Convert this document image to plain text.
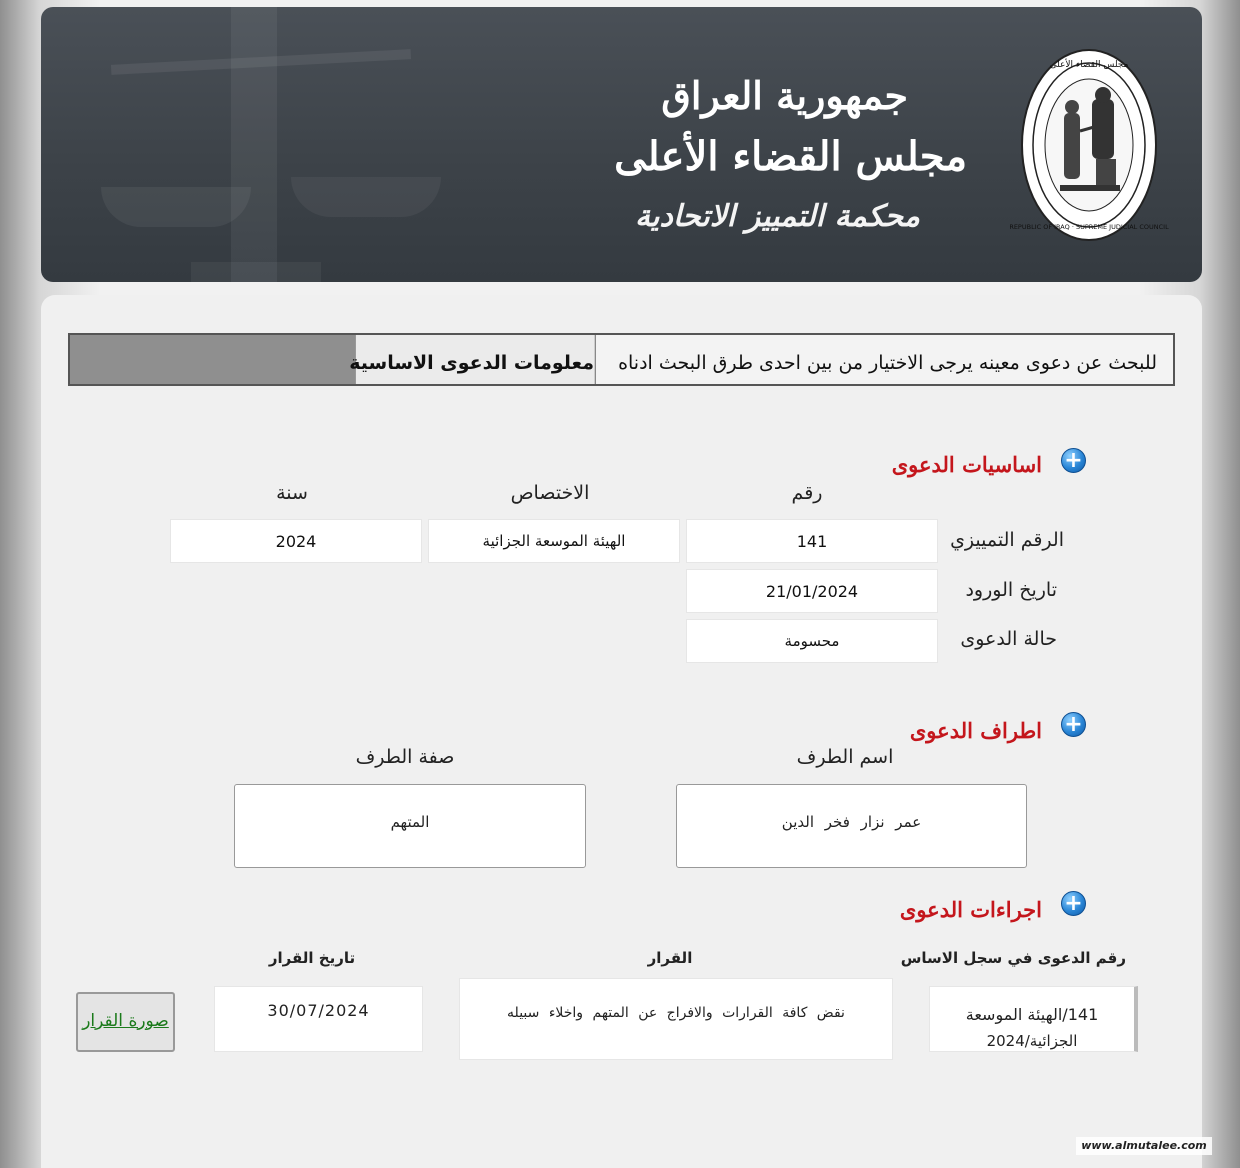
جمهورية العراق
مجلس القضاء الأعلى
محكمة التمييز الاتحادية
مجلس القضاء الأعلى
REPUBLIC OF IRAQ · SUPREME JUDICIAL COUNCIL
للبحث عن دعوى معينه يرجى الاختيار من بين احدى طرق البحث ادناه
معلومات الدعوى الاساسية
+
اساسيات الدعوى
رقم
الاختصاص
سنة
الرقم التمييزي
141
الهيئة الموسعة الجزائية
2024
تاريخ الورود
21/01/2024
حالة الدعوى
محسومة
+
اطراف الدعوى
اسم الطرف
صفة الطرف
عمر نزار فخر الدين
المتهم
+
اجراءات الدعوى
رقم الدعوى في سجل الاساس
القرار
تاريخ القرار
141/الهيئة الموسعة
الجزائية/2024
نقض كافة القرارات والافراج عن المتهم واخلاء سبيله
30/07/2024
صورة القرار
www.almutalee.com
